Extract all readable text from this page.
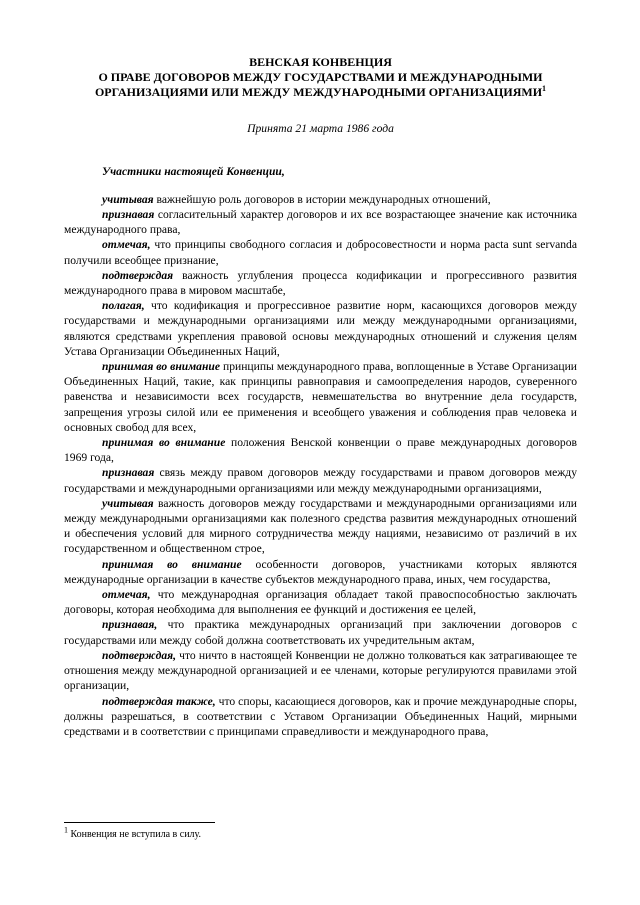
ВЕНСКАЯ КОНВЕНЦИЯ
О ПРАВЕ ДОГОВОРОВ МЕЖДУ ГОСУДАРСТВАМИ И МЕЖДУНАРОДНЫМИ ОРГАНИЗАЦИЯМИ ИЛИ МЕЖДУ МЕЖДУНАРОДНЫМИ ОРГАНИЗАЦИЯМИ$^1$
Принята 21 марта 1986 года
Участники настоящей Конвенции,

учитывая важнейшую роль договоров в истории международных отношений,

признавая согласительный характер договоров и их все возрастающее значение как источника международного права,

отмечая, что принципы свободного согласия и добросовестности и норма pacta sunt servanda получили всеобщее признание,

подтверждая важность углубления процесса кодификации и прогрессивного развития международного права в мировом масштабе,

полагая, что кодификация и прогрессивное развитие норм, касающихся договоров между государствами и международными организациями или между международными организациями, являются средствами укрепления правовой основы международных отношений и служения целям Устава Организации Объединенных Наций,

принимая во внимание принципы международного права, воплощенные в Уставе Организации Объединенных Наций, такие, как принципы равноправия и самоопределения народов, суверенного равенства и независимости всех государств, невмешательства во внутренние дела государств, запрещения угрозы силой или ее применения и всеобщего уважения и соблюдения прав человека и основных свобод для всех,

принимая во внимание положения Венской конвенции о праве международных договоров 1969 года,

признавая связь между правом договоров между государствами и правом договоров между государствами и международными организациями или между международными организациями,

учитывая важность договоров между государствами и международными организациями или между международными организациями как полезного средства развития международных отношений и обеспечения условий для мирного сотрудничества между нациями, независимо от различий в их государственном и общественном строе,

принимая во внимание особенности договоров, участниками которых являются международные организации в качестве субъектов международного права, иных, чем государства,

отмечая, что международная организация обладает такой правоспособностью заключать договоры, которая необходима для выполнения ее функций и достижения ее целей,

признавая, что практика международных организаций при заключении договоров с государствами или между собой должна соответствовать их учредительным актам,

подтверждая, что ничто в настоящей Конвенции не должно толковаться как затрагивающее те отношения между международной организацией и ее членами, которые регулируются правилами этой организации,

подтверждая также, что споры, касающиеся договоров, как и прочие международные споры, должны разрешаться, в соответствии с Уставом Организации Объединенных Наций, мирными средствами и в соответствии с принципами справедливости и международного права,

$^1$ Конвенция не вступила в силу.
